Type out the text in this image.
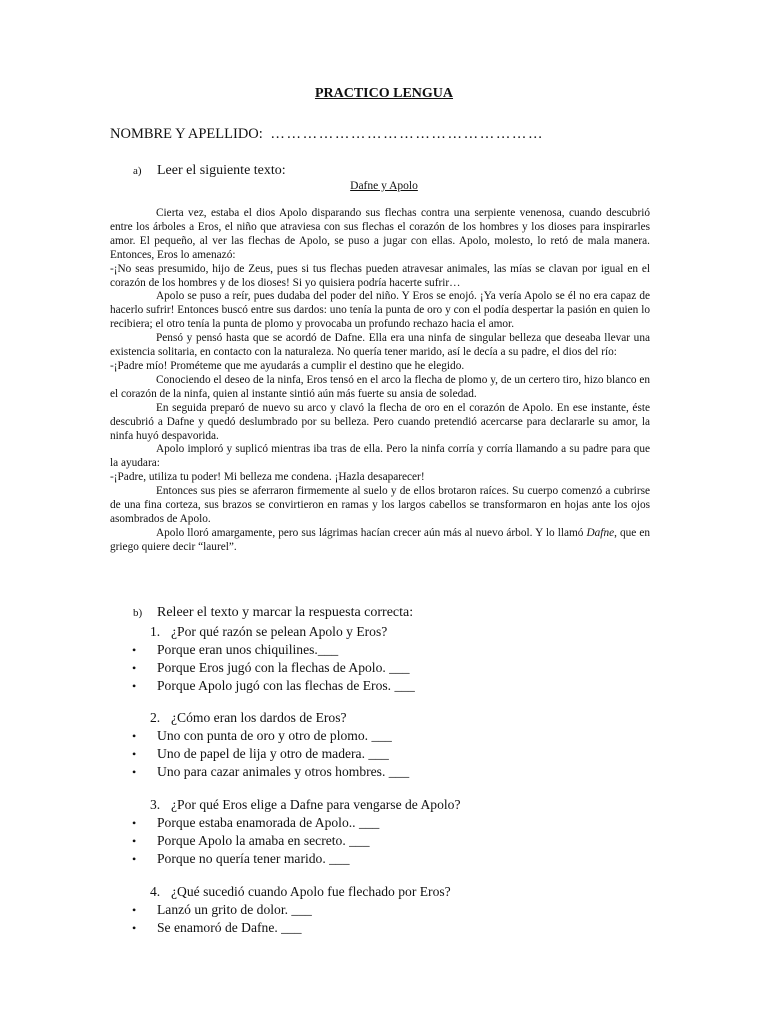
PRACTICO LENGUA
NOMBRE Y APELLIDO: ……………………………………………
a) Leer el siguiente texto:
Dafne y Apolo

Cierta vez, estaba el dios Apolo disparando sus flechas contra una serpiente venenosa, cuando descubrió entre los árboles a Eros, el niño que atraviesa con sus flechas el corazón de los hombres y los dioses para inspirarles amor. El pequeño, al ver las flechas de Apolo, se puso a jugar con ellas. Apolo, molesto, lo retó de mala manera. Entonces, Eros lo amenazó:

-¡No seas presumido, hijo de Zeus, pues si tus flechas pueden atravesar animales, las mías se clavan por igual en el corazón de los hombres y de los dioses! Si yo quisiera podría hacerte sufrir…

Apolo se puso a reír, pues dudaba del poder del niño. Y Eros se enojó. ¡Ya vería Apolo se él no era capaz de hacerlo sufrir! Entonces buscó entre sus dardos: uno tenía la punta de oro y con el podía despertar la pasión en quien lo recibiera; el otro tenía la punta de plomo y provocaba un profundo rechazo hacia el amor.

Pensó y pensó hasta que se acordó de Dafne. Ella era una ninfa de singular belleza que deseaba llevar una existencia solitaria, en contacto con la naturaleza. No quería tener marido, así le decía a su padre, el dios del río:

-¡Padre mío! Prométeme que me ayudarás a cumplir el destino que he elegido.

Conociendo el deseo de la ninfa, Eros tensó en el arco la flecha de plomo y, de un certero tiro, hizo blanco en el corazón de la ninfa, quien al instante sintió aún más fuerte su ansia de soledad.

En seguida preparó de nuevo su arco y clavó la flecha de oro en el corazón de Apolo. En ese instante, éste descubrió a Dafne y quedó deslumbrado por su belleza. Pero cuando pretendió acercarse para declararle su amor, la ninfa huyó despavorida.

Apolo imploró y suplicó mientras iba tras de ella. Pero la ninfa corría y corría llamando a su padre para que la ayudara:

-¡Padre, utiliza tu poder! Mi belleza me condena. ¡Hazla desaparecer!

Entonces sus pies se aferraron firmemente al suelo y de ellos brotaron raíces. Su cuerpo comenzó a cubrirse de una fina corteza, sus brazos se convirtieron en ramas y los largos cabellos se transformaron en hojas ante los ojos asombrados de Apolo.

Apolo lloró amargamente, pero sus lágrimas hacían crecer aún más al nuevo árbol. Y lo llamó Dafne, que en griego quiere decir “laurel”.

b) Releer el texto y marcar la respuesta correcta:
1. ¿Por qué razón se pelean Apolo y Eros?
• Porque eran unos chiquilines.___
• Porque Eros jugó con la flechas de Apolo. ___
• Porque Apolo jugó con las flechas de Eros. ___
2. ¿Cómo eran los dardos de Eros?
• Uno con punta de oro y otro de plomo. ___
• Uno de papel de lija y otro de madera. ___
• Uno para cazar animales y otros hombres. ___
3. ¿Por qué Eros elige a Dafne para vengarse de Apolo?
• Porque estaba enamorada de Apolo.. ___
• Porque Apolo la amaba en secreto. ___
• Porque no quería tener marido. ___
4. ¿Qué sucedió cuando Apolo fue flechado por Eros?
• Lanzó un grito de dolor. ___
• Se enamoró de Dafne. ___
